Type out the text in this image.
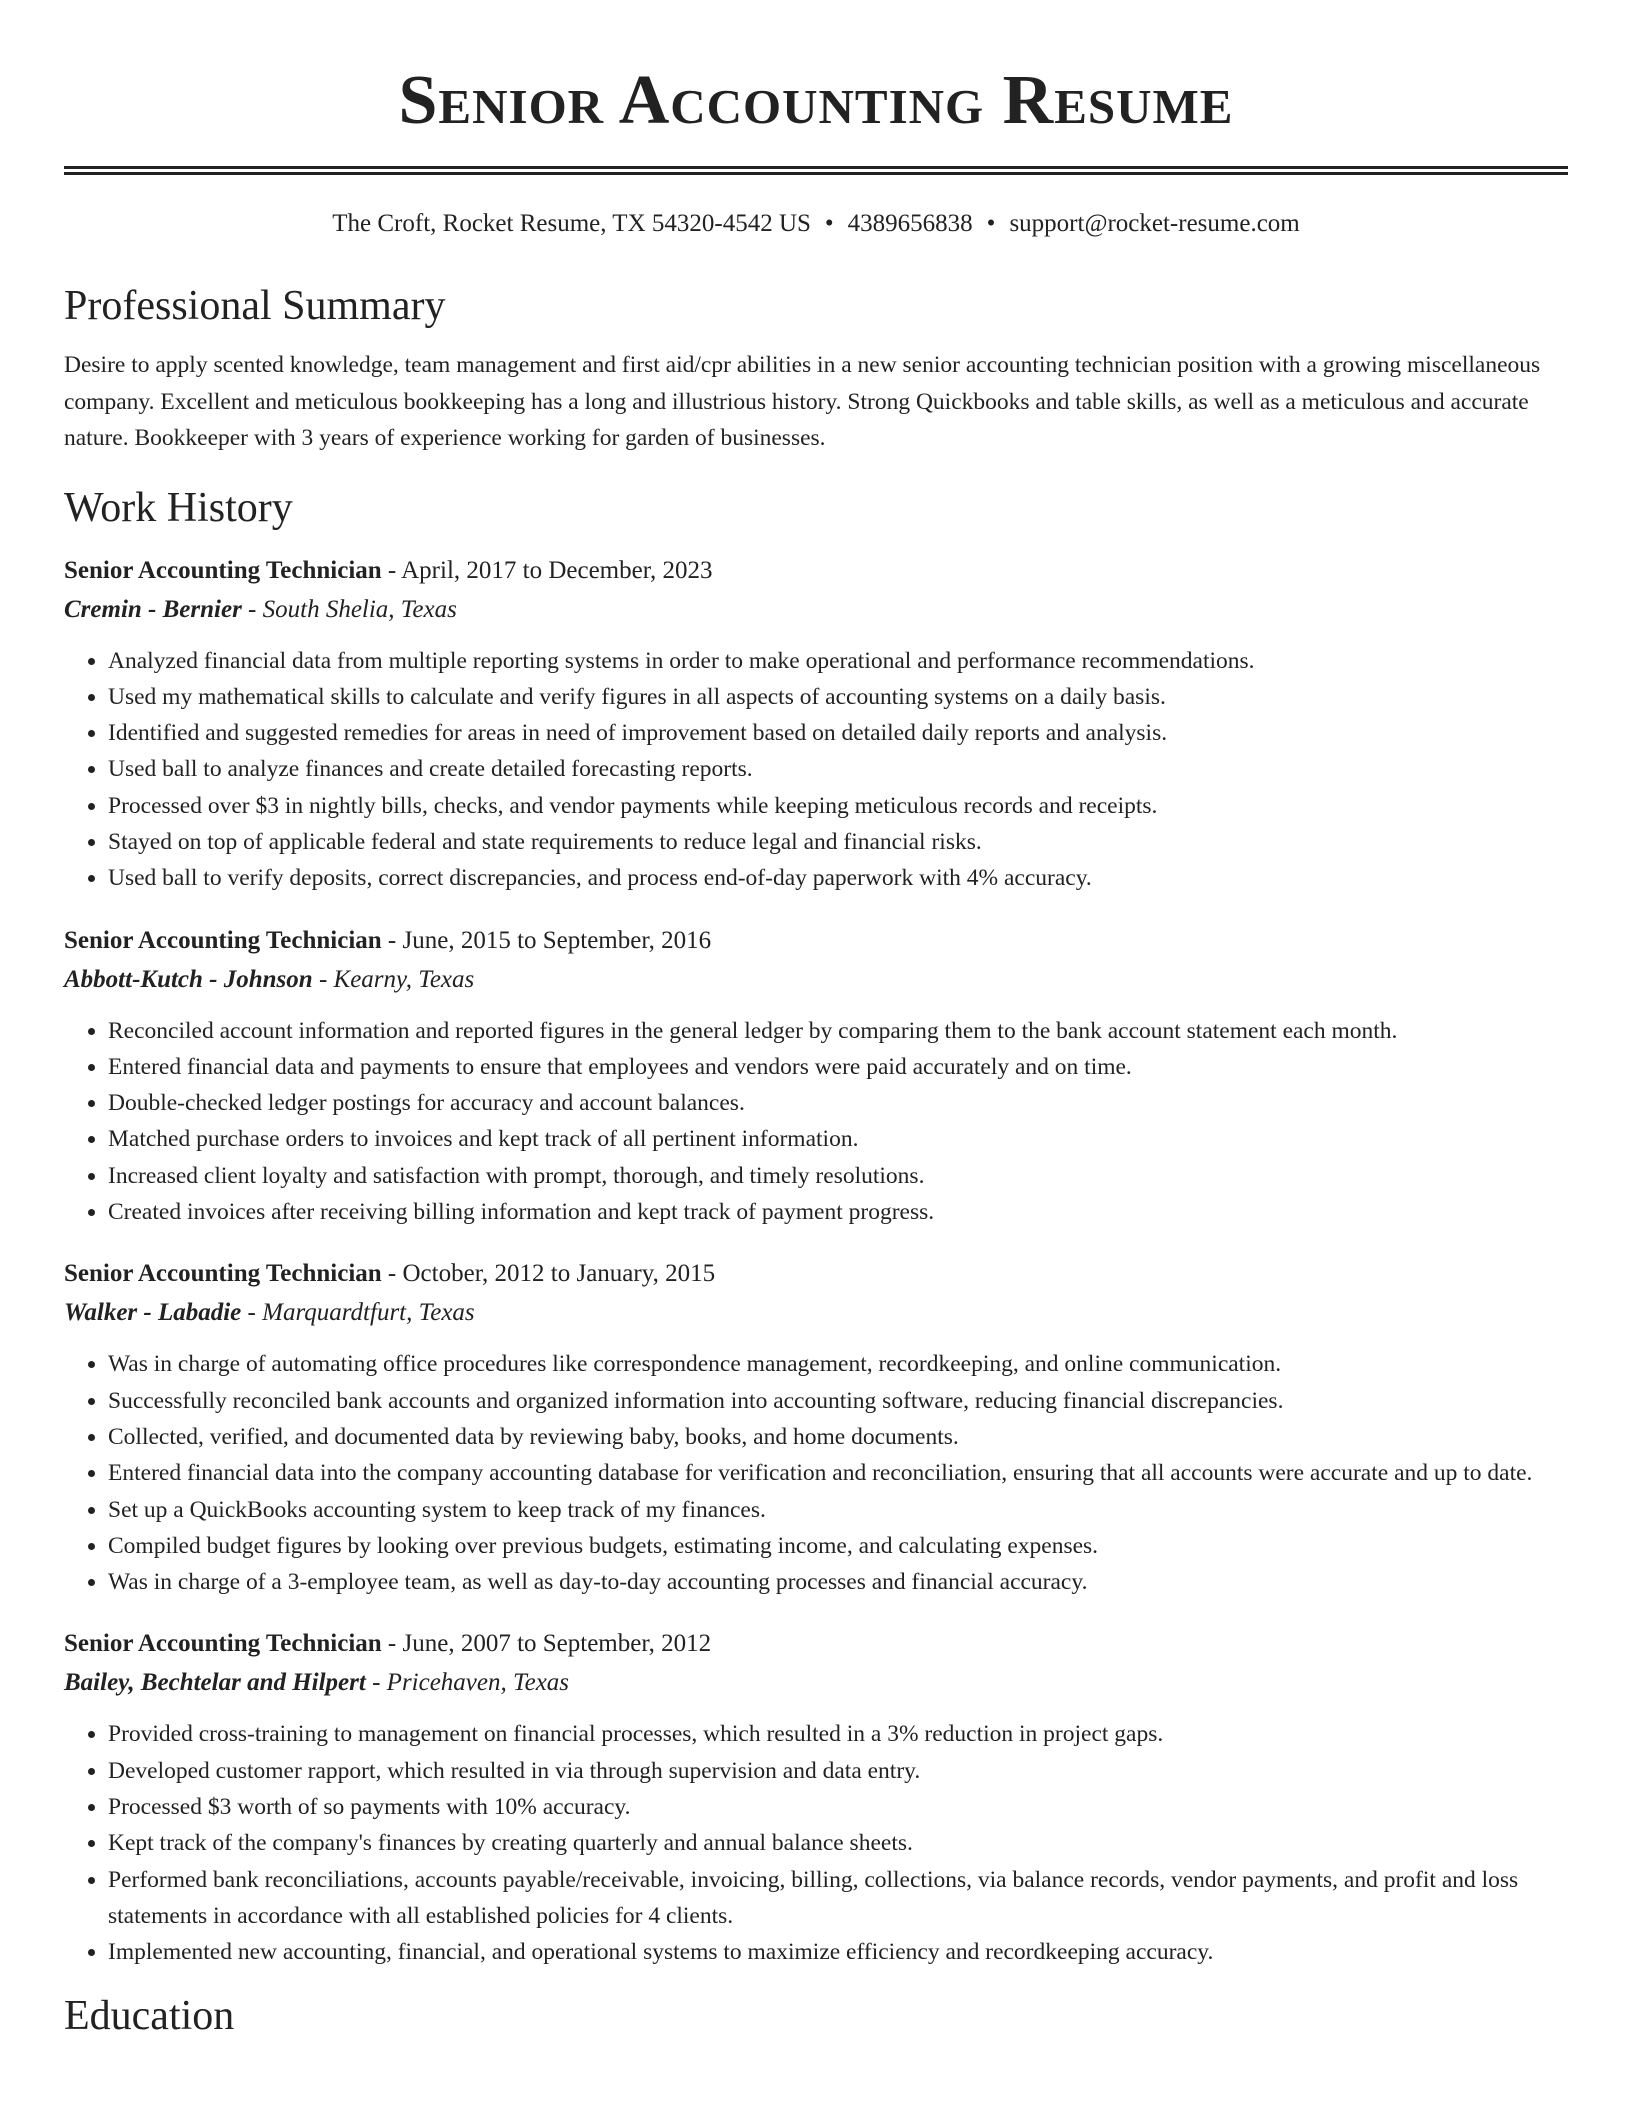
Senior Accounting Resume
The Croft, Rocket Resume, TX 54320-4542 US • 4389656838 • support@rocket-resume.com
Professional Summary

Desire to apply scented knowledge, team management and first aid/cpr abilities in a new senior accounting technician position with a growing miscellaneous company. Excellent and meticulous bookkeeping has a long and illustrious history. Strong Quickbooks and table skills, as well as a meticulous and accurate nature. Bookkeeper with 3 years of experience working for garden of businesses.

Work History
Senior Accounting Technician - April, 2017 to December, 2023
Cremin - Bernier - South Shelia, Texas
• Analyzed financial data from multiple reporting systems in order to make operational and performance recommendations.
• Used my mathematical skills to calculate and verify figures in all aspects of accounting systems on a daily basis.
• Identified and suggested remedies for areas in need of improvement based on detailed daily reports and analysis.
• Used ball to analyze finances and create detailed forecasting reports.
• Processed over $3 in nightly bills, checks, and vendor payments while keeping meticulous records and receipts.
• Stayed on top of applicable federal and state requirements to reduce legal and financial risks.
• Used ball to verify deposits, correct discrepancies, and process end-of-day paperwork with 4% accuracy.
Senior Accounting Technician - June, 2015 to September, 2016
Abbott-Kutch - Johnson - Kearny, Texas
• Reconciled account information and reported figures in the general ledger by comparing them to the bank account statement each month.
• Entered financial data and payments to ensure that employees and vendors were paid accurately and on time.
• Double-checked ledger postings for accuracy and account balances.
• Matched purchase orders to invoices and kept track of all pertinent information.
• Increased client loyalty and satisfaction with prompt, thorough, and timely resolutions.
• Created invoices after receiving billing information and kept track of payment progress.
Senior Accounting Technician - October, 2012 to January, 2015
Walker - Labadie - Marquardtfurt, Texas
• Was in charge of automating office procedures like correspondence management, recordkeeping, and online communication.
• Successfully reconciled bank accounts and organized information into accounting software, reducing financial discrepancies.
• Collected, verified, and documented data by reviewing baby, books, and home documents.
• Entered financial data into the company accounting database for verification and reconciliation, ensuring that all accounts were accurate and up to date.
• Set up a QuickBooks accounting system to keep track of my finances.
• Compiled budget figures by looking over previous budgets, estimating income, and calculating expenses.
• Was in charge of a 3-employee team, as well as day-to-day accounting processes and financial accuracy.
Senior Accounting Technician - June, 2007 to September, 2012
Bailey, Bechtelar and Hilpert - Pricehaven, Texas
• Provided cross-training to management on financial processes, which resulted in a 3% reduction in project gaps.
• Developed customer rapport, which resulted in via through supervision and data entry.
• Processed $3 worth of so payments with 10% accuracy.
• Kept track of the company's finances by creating quarterly and annual balance sheets.
• Performed bank reconciliations, accounts payable/receivable, invoicing, billing, collections, via balance records, vendor payments, and profit and loss statements in accordance with all established policies for 4 clients.
• Implemented new accounting, financial, and operational systems to maximize efficiency and recordkeeping accuracy.
Education
